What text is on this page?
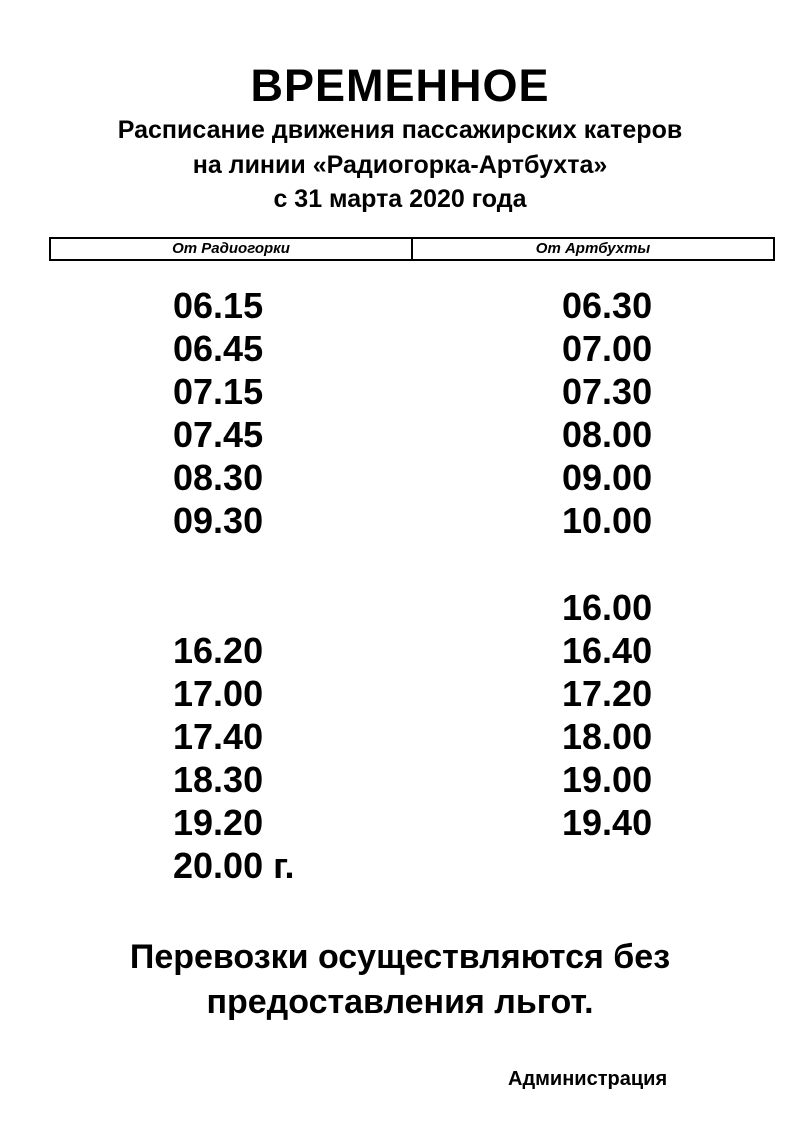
ВРЕМЕННОЕ
Расписание движения пассажирских катеров
на линии «Радиогорка-Артбухта»
с 31 марта 2020 года
От Радиогорки	От Артбухты
06.15
06.45
07.15
07.45
08.30
09.30
16.20
17.00
17.40
18.30
19.20
20.00 г.
06.30
07.00
07.30
08.00
09.00
10.00
16.00
16.40
17.20
18.00
19.00
19.40
Перевозки осуществляются без
предоставления льгот.
Администрация
